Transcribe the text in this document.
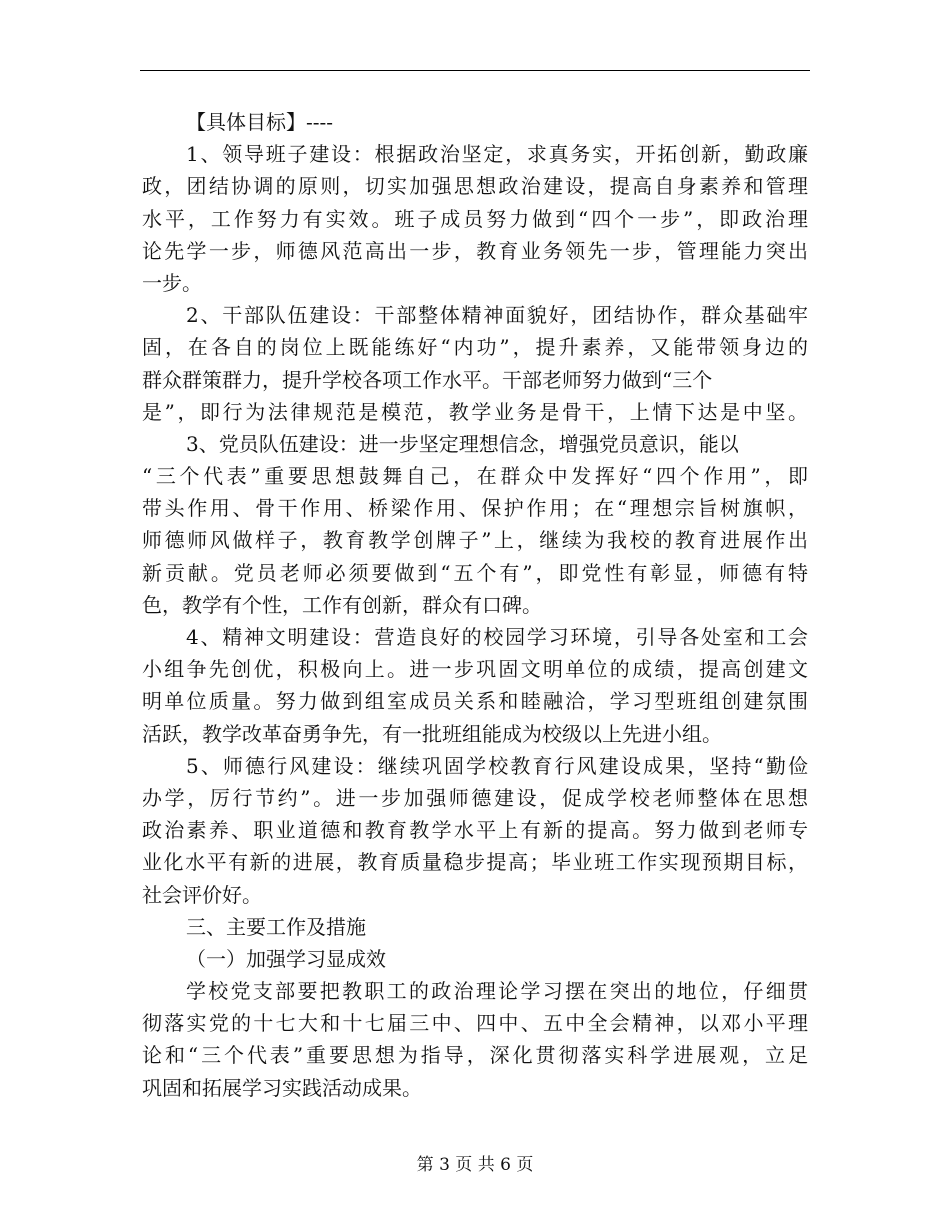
【具体目标】----
1、领导班子建设：根据政治坚定，求真务实，开拓创新，勤政廉
政，团结协调的原则，切实加强思想政治建设，提高自身素养和管理
水平，工作努力有实效。班子成员努力做到“四个一步”，即政治理
论先学一步，师德风范高出一步，教育业务领先一步，管理能力突出
一步。
2、干部队伍建设：干部整体精神面貌好，团结协作，群众基础牢
固，在各自的岗位上既能练好“内功”，提升素养，又能带领身边的
群众群策群力，提升学校各项工作水平。干部老师努力做到“三个
是”，即行为法律规范是模范，教学业务是骨干，上情下达是中坚。
3、党员队伍建设：进一步坚定理想信念，增强党员意识，能以
“三个代表”重要思想鼓舞自己，在群众中发挥好“四个作用”，即
带头作用、骨干作用、桥梁作用、保护作用；在“理想宗旨树旗帜，
师德师风做样子，教育教学创牌子”上，继续为我校的教育进展作出
新贡献。党员老师必须要做到“五个有”，即党性有彰显，师德有特
色，教学有个性，工作有创新，群众有口碑。
4、精神文明建设：营造良好的校园学习环境，引导各处室和工会
小组争先创优，积极向上。进一步巩固文明单位的成绩，提高创建文
明单位质量。努力做到组室成员关系和睦融洽，学习型班组创建氛围
活跃，教学改革奋勇争先，有一批班组能成为校级以上先进小组。
5、师德行风建设：继续巩固学校教育行风建设成果，坚持“勤俭
办学，厉行节约”。进一步加强师德建设，促成学校老师整体在思想
政治素养、职业道德和教育教学水平上有新的提高。努力做到老师专
业化水平有新的进展，教育质量稳步提高；毕业班工作实现预期目标，
社会评价好。
三、主要工作及措施
（一）加强学习显成效
学校党支部要把教职工的政治理论学习摆在突出的地位，仔细贯
彻落实党的十七大和十七届三中、四中、五中全会精神，以邓小平理
论和“三个代表”重要思想为指导，深化贯彻落实科学进展观，立足
巩固和拓展学习实践活动成果。
第 3 页 共 6 页
